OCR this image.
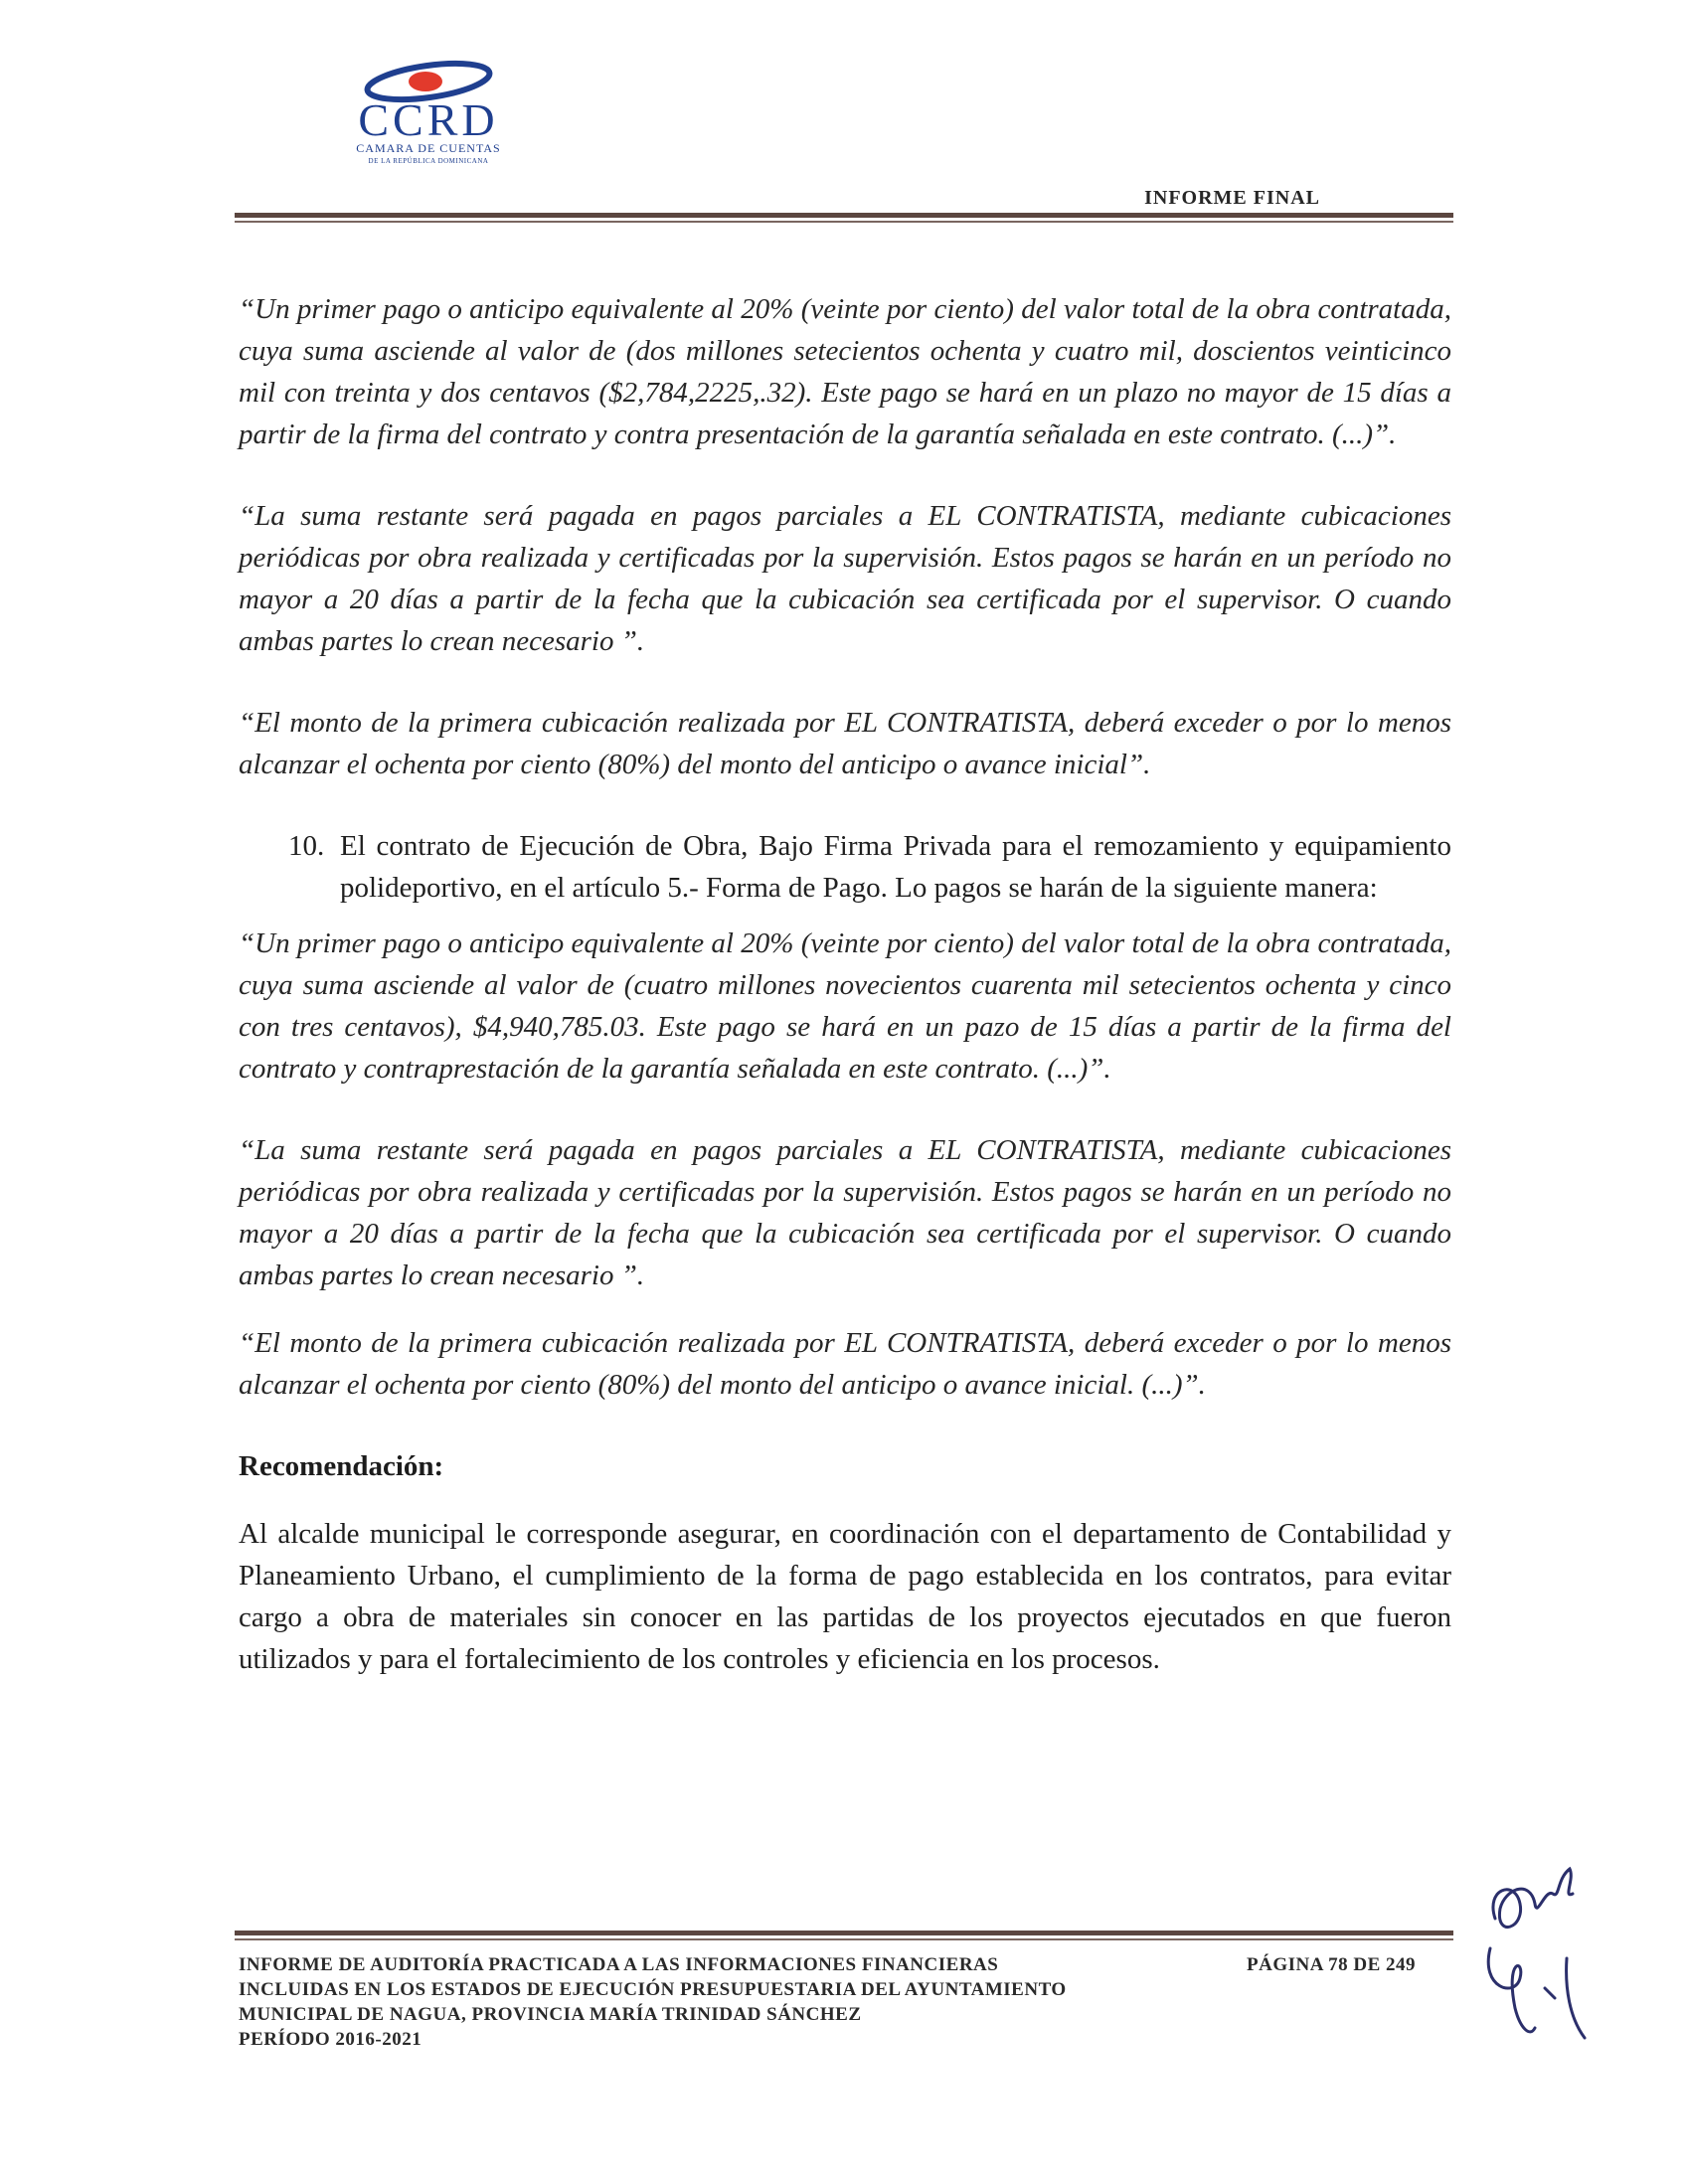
CCRD
CAMARA DE CUENTAS
DE LA REPÚBLICA DOMINICANA
INFORME FINAL

“Un primer pago o anticipo equivalente al 20% (veinte por ciento) del valor total de la obra contratada, cuya suma asciende al valor de (dos millones setecientos ochenta y cuatro mil, doscientos veinticinco mil con treinta y dos centavos ($2,784,2225,.32). Este pago se hará en un plazo no mayor de 15 días a partir de la firma del contrato y contra presentación de la garantía señalada en este contrato. (...)”.

“La suma restante será pagada en pagos parciales a EL CONTRATISTA, mediante cubicaciones periódicas por obra realizada y certificadas por la supervisión. Estos pagos se harán en un período no mayor a 20 días a partir de la fecha que la cubicación sea certificada por el supervisor. O cuando ambas partes lo crean necesario ”.

“El monto de la primera cubicación realizada por EL CONTRATISTA, deberá exceder o por lo menos alcanzar el ochenta por ciento (80%) del monto del anticipo o avance inicial”.

10. El contrato de Ejecución de Obra, Bajo Firma Privada para el remozamiento y equipamiento polideportivo, en el artículo 5.- Forma de Pago. Lo pagos se harán de la siguiente manera:

“Un primer pago o anticipo equivalente al 20% (veinte por ciento) del valor total de la obra contratada, cuya suma asciende al valor de (cuatro millones novecientos cuarenta mil setecientos ochenta y cinco con tres centavos), $4,940,785.03. Este pago se hará en un pazo de 15 días a partir de la firma del contrato y contraprestación de la garantía señalada en este contrato. (...)”.

“La suma restante será pagada en pagos parciales a EL CONTRATISTA, mediante cubicaciones periódicas por obra realizada y certificadas por la supervisión. Estos pagos se harán en un período no mayor a 20 días a partir de la fecha que la cubicación sea certificada por el supervisor. O cuando ambas partes lo crean necesario ”.

“El monto de la primera cubicación realizada por EL CONTRATISTA, deberá exceder o por lo menos alcanzar el ochenta por ciento (80%) del monto del anticipo o avance inicial. (...)”.

Recomendación:

Al alcalde municipal le corresponde asegurar, en coordinación con el departamento de Contabilidad y Planeamiento Urbano, el cumplimiento de la forma de pago establecida en los contratos, para evitar cargo a obra de materiales sin conocer en las partidas de los proyectos ejecutados en que fueron utilizados y para el fortalecimiento de los controles y eficiencia en los procesos.

INFORME DE AUDITORÍA PRACTICADA A LAS INFORMACIONES FINANCIERAS
INCLUIDAS EN LOS ESTADOS DE EJECUCIÓN PRESUPUESTARIA DEL AYUNTAMIENTO
MUNICIPAL DE NAGUA, PROVINCIA MARÍA TRINIDAD SÁNCHEZ
PERÍODO 2016-2021
PÁGINA 78 DE 249
